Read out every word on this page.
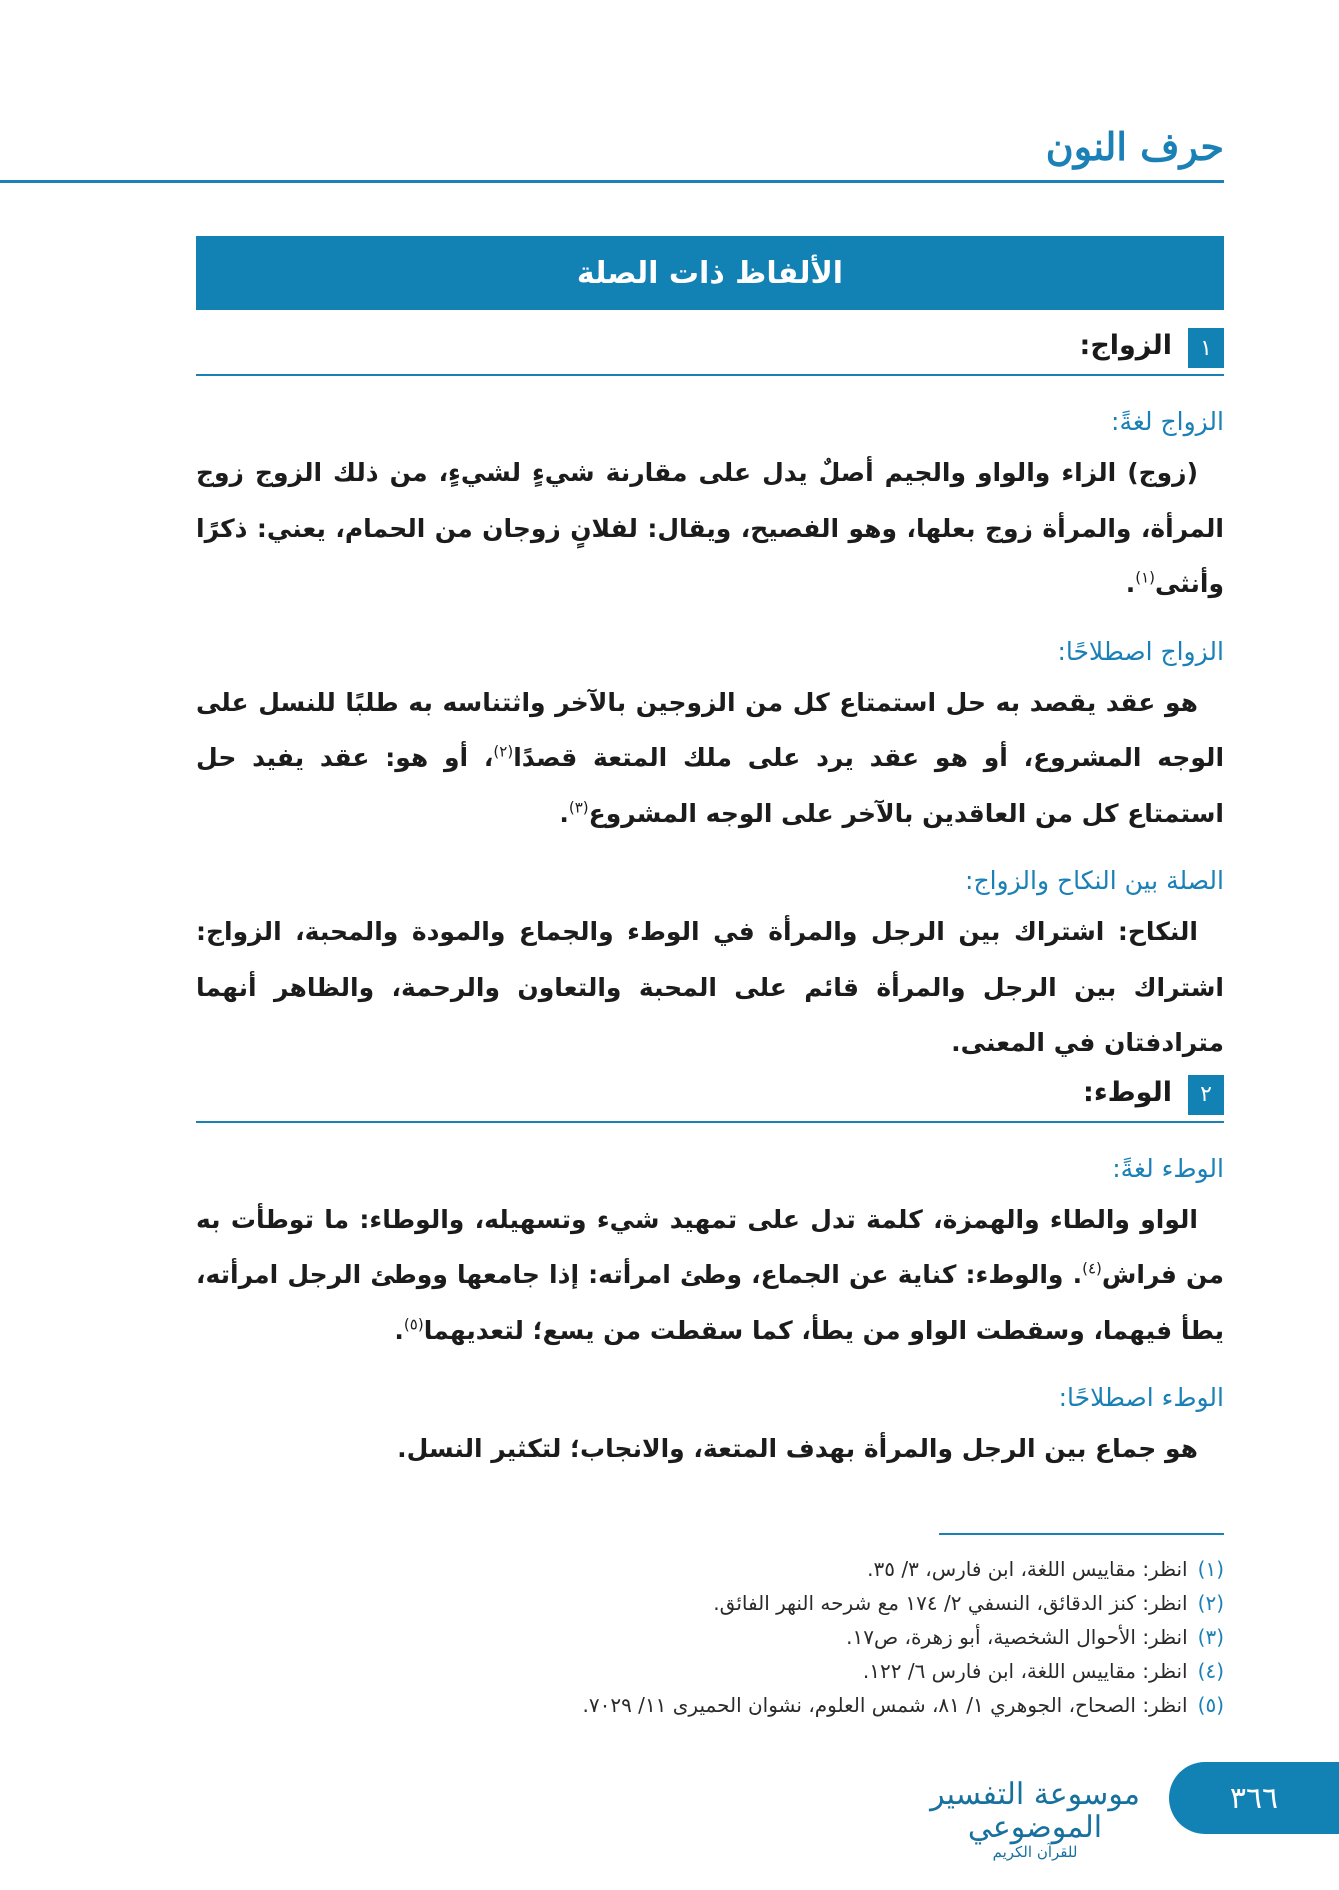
حرف النون
الألفاظ ذات الصلة
١
الزواج:
الزواج لغةً:

(زوج) الزاء والواو والجيم أصلٌ يدل على مقارنة شيءٍ لشيءٍ، من ذلك الزوج زوج المرأة، والمرأة زوج بعلها، وهو الفصيح، ويقال: لفلانٍ زوجان من الحمام، يعني: ذكرًا وأنثى$^{(١)}$.

الزواج اصطلاحًا:

هو عقد يقصد به حل استمتاع كل من الزوجين بالآخر واثتناسه به طلبًا للنسل على الوجه المشروع، أو هو عقد يرد على ملك المتعة قصدًا$^{(٢)}$، أو هو: عقد يفيد حل استمتاع كل من العاقدين بالآخر على الوجه المشروع$^{(٣)}$.

الصلة بين النكاح والزواج:

النكاح: اشتراك بين الرجل والمرأة في الوطء والجماع والمودة والمحبة، الزواج: اشتراك بين الرجل والمرأة قائم على المحبة والتعاون والرحمة، والظاهر أنهما مترادفتان في المعنى.

٢
الوطء:
الوطء لغةً:

الواو والطاء والهمزة، كلمة تدل على تمهيد شيء وتسهيله، والوطاء: ما توطأت به من فراش$^{(٤)}$. والوطء: كناية عن الجماع، وطئ امرأته: إذا جامعها ووطئ الرجل امرأته، يطأ فيهما، وسقطت الواو من يطأ، كما سقطت من يسع؛ لتعديهما$^{(٥)}$.

الوطء اصطلاحًا:

هو جماع بين الرجل والمرأة بهدف المتعة، والانجاب؛ لتكثير النسل.

(١)انظر: مقاييس اللغة، ابن فارس، ٣/ ٣٥.
(٢)انظر: كنز الدقائق، النسفي ٢/ ١٧٤ مع شرحه النهر الفائق.
(٣)انظر: الأحوال الشخصية، أبو زهرة، ص١٧.
(٤)انظر: مقاييس اللغة، ابن فارس ٦/ ١٢٢.
(٥)انظر: الصحاح، الجوهري ١/ ٨١، شمس العلوم، نشوان الحميرى ١١/ ٧٠٢٩.
موسوعة التفسير الموضوعي
للقرآن الكريم
٣٦٦
